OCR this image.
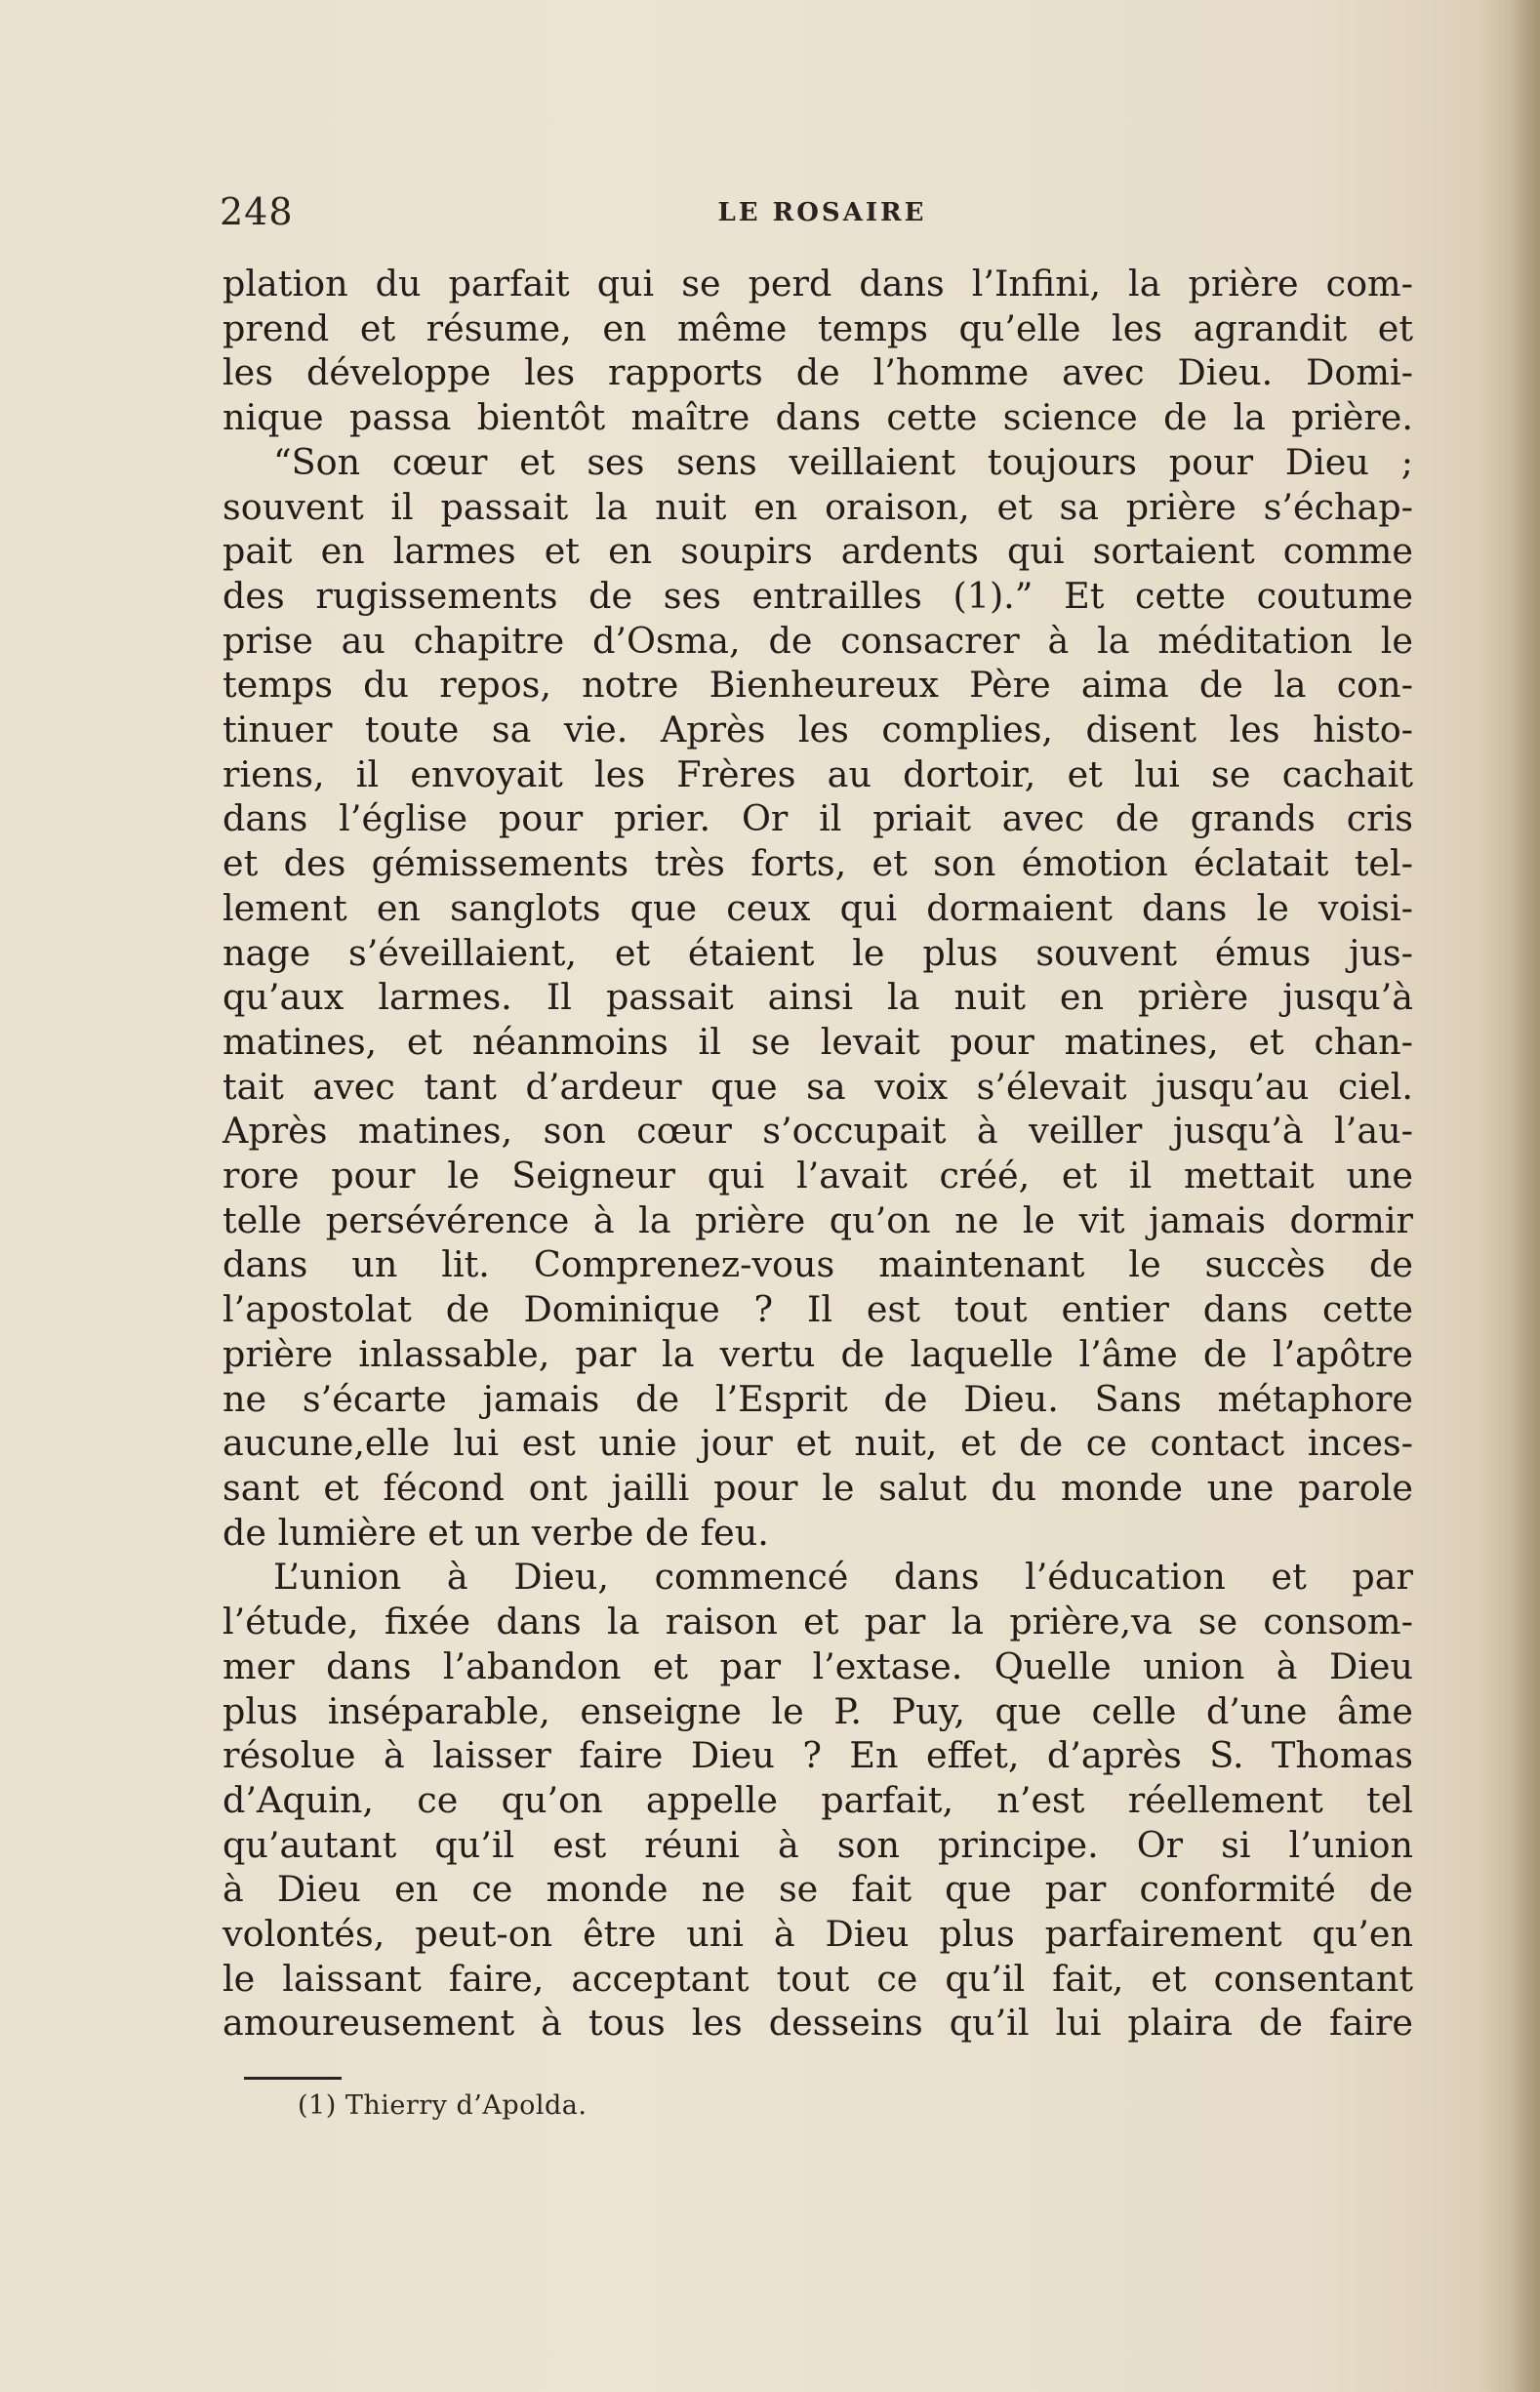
248	LE ROSAIRE
plation du parfait qui se perd dans l’Infini, la prière com-
prend et résume, en même temps qu’elle les agrandit et
les développe les rapports de l’homme avec Dieu. Domi-
nique passa bientôt maître dans cette science de la prière.
“Son cœur et ses sens veillaient toujours pour Dieu ;
souvent il passait la nuit en oraison, et sa prière s’échap-
pait en larmes et en soupirs ardents qui sortaient comme
des rugissements de ses entrailles (1).” Et cette coutume
prise au chapitre d’Osma, de consacrer à la méditation le
temps du repos, notre Bienheureux Père aima de la con-
tinuer toute sa vie. Après les complies, disent les histo-
riens, il envoyait les Frères au dortoir, et lui se cachait
dans l’église pour prier. Or il priait avec de grands cris
et des gémissements très forts, et son émotion éclatait tel-
lement en sanglots que ceux qui dormaient dans le voisi-
nage s’éveillaient, et étaient le plus souvent émus jus-
qu’aux larmes. Il passait ainsi la nuit en prière jusqu’à
matines, et néanmoins il se levait pour matines, et chan-
tait avec tant d’ardeur que sa voix s’élevait jusqu’au ciel.
Après matines, son cœur s’occupait à veiller jusqu’à l’au-
rore pour le Seigneur qui l’avait créé, et il mettait une
telle persévérence à la prière qu’on ne le vit jamais dormir
dans un lit. Comprenez-vous maintenant le succès de
l’apostolat de Dominique ? Il est tout entier dans cette
prière inlassable, par la vertu de laquelle l’âme de l’apôtre
ne s’écarte jamais de l’Esprit de Dieu. Sans métaphore
aucune,elle lui est unie jour et nuit, et de ce contact inces-
sant et fécond ont jailli pour le salut du monde une parole
de lumière et un verbe de feu.
L’union à Dieu, commencé dans l’éducation et par
l’étude, fixée dans la raison et par la prière,va se consom-
mer dans l’abandon et par l’extase. Quelle union à Dieu
plus inséparable, enseigne le P. Puy, que celle d’une âme
résolue à laisser faire Dieu ? En effet, d’après S. Thomas
d’Aquin, ce qu’on appelle parfait, n’est réellement tel
qu’autant qu’il est réuni à son principe. Or si l’union
à Dieu en ce monde ne se fait que par conformité de
volontés, peut-on être uni à Dieu plus parfairement qu’en
le laissant faire, acceptant tout ce qu’il fait, et consentant
amoureusement à tous les desseins qu’il lui plaira de faire
(1) Thierry d’Apolda.
